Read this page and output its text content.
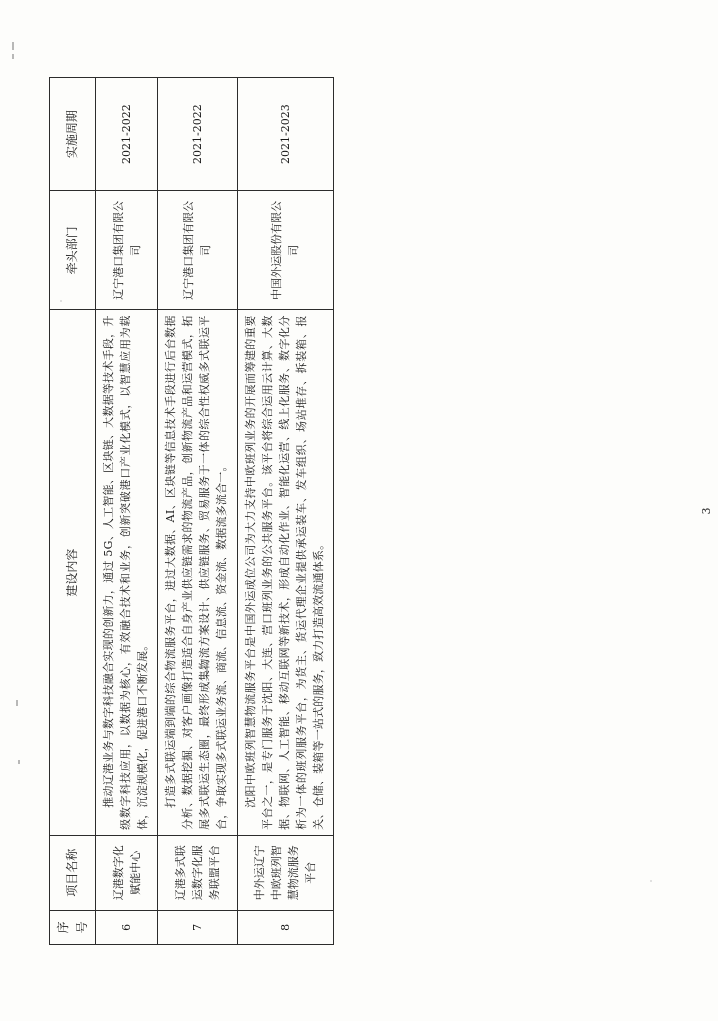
序号	项目名称	建设内容	牵头部门	实施周期
6	辽港数字化赋能中心	推动辽港业务与数字科技融合实现的创新力，通过 5G、人工智能、区块链、大数据等技术手段，升级数字科技应用，以数据为核心，有效融合技术和业务，创新突破港口产业化模式，以智慧应用为载体，沉淀规模化，促进港口不断发展。	辽宁港口集团有限公司	2021-2022
7	辽港多式联运数字化服务联盟平台	打造多式联运端到端的综合物流服务平台，进过大数据、AI、区块链等信息技术手段进行后台数据分析、数据挖掘、对客户画像打造适合自身产业供应链需求的物流产品，创新物流产品和运营模式，拓展多式联运生态圈，最终形成集物流方案设计、供应链服务、贸易服务于一体的综合性权威多式联运平台，争取实现多式联运业务流、商流、信息流、资金流、数据流多流合一。	辽宁港口集团有限公司	2021-2022
8	中外运辽宁中欧班列智慧物流服务平台	沈阳中欧班列智慧物流服务平台是中国外运成位公司为大力支持中欧班列业务的开展而筹建的重要平台之一，是专门服务于沈阳、大连、营口班列业务的公共服务平台。该平台将综合运用云计算、大数据、物联网、人工智能、移动互联网等新技术，形成自动化作业、智能化运营、线上化服务、数字化分析为一体的班列服务平台，为货主、货运代理企业提供承运装车、发车组织、场站堆存、拆装箱、报关、仓储、装箱等一站式的服务，致力打造高效流通体系。	中国外运股份有限公司	2021-2023
3
